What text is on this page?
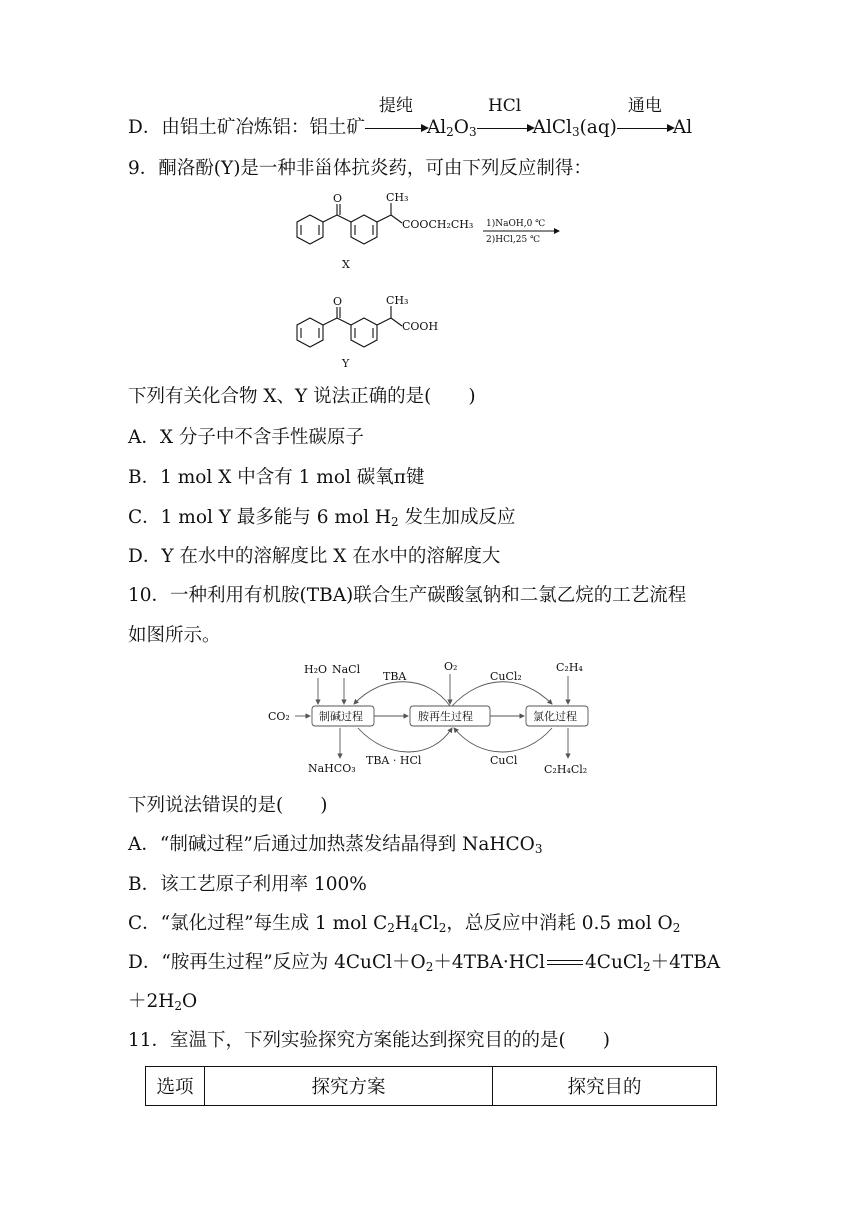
D．由铝土矿冶炼铝：铝土矿
提纯
$Al_2O_3$
HCl
AlCl$_3$(aq)
通电
Al
9．酮洛酚(Y)是一种非甾体抗炎药，可由下列反应制得：
O	CH₃
COOCH₂CH₃
X
1)NaOH,0 ℃
2)HCl,25 ℃
O	CH₃
COOH
Y
下列有关化合物 X、Y 说法正确的是(　　)
A．X 分子中不含手性碳原子
B．1 mol X 中含有 1 mol 碳氧π键
C．1 mol Y 最多能与 6 mol $H_2$ 发生加成反应
D．Y 在水中的溶解度比 X 在水中的溶解度大
10．一种利用有机胺(TBA)联合生产碳酸氢钠和二氯乙烷的工艺流程
如图所示。
H₂O NaCl
CO₂	制碱过程	胺再生过程	氯化过程
TBA
O₂
CuCl₂
C₂H₄
NaHCO₃
TBA · HCl	CuCl
C₂H₄Cl₂
下列说法错误的是(　　)
A．“制碱过程”后通过加热蒸发结晶得到 NaHCO$_3$
B．该工艺原子利用率 100%
C．“氯化过程”每生成 1 mol $C_2H_4Cl_2$，总反应中消耗 0.5 mol $O_2$
D．“胺再生过程”反应为 $4CuCl+O_2+4TBA\cdot HCl$ 4CuCl$_2$＋4TBA
$+2H_2O$
11．室温下，下列实验探究方案能达到探究目的的是(　　)
选项	探究方案	探究目的
